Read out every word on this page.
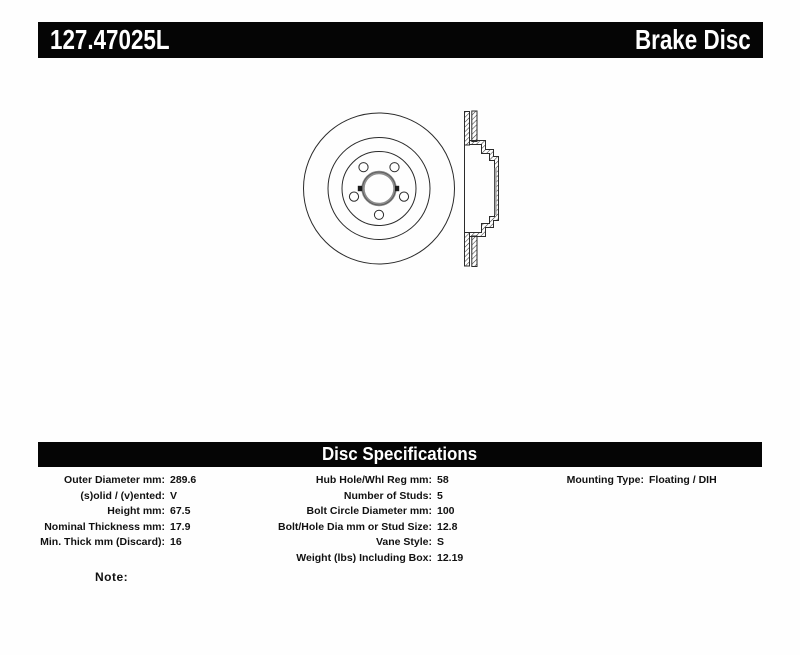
127.47025L	Brake Disc
Disc Specifications
Outer Diameter mm: 289.6
(s)olid / (v)ented: V
Height mm: 67.5
Nominal Thickness mm: 17.9
Min. Thick mm (Discard): 16
Hub Hole/Whl Reg mm: 58
Number of Studs: 5
Bolt Circle Diameter mm: 100
Bolt/Hole Dia mm or Stud Size: 12.8
Vane Style: S
Weight (lbs) Including Box: 12.19
Mounting Type: Floating / DIH
Note:
